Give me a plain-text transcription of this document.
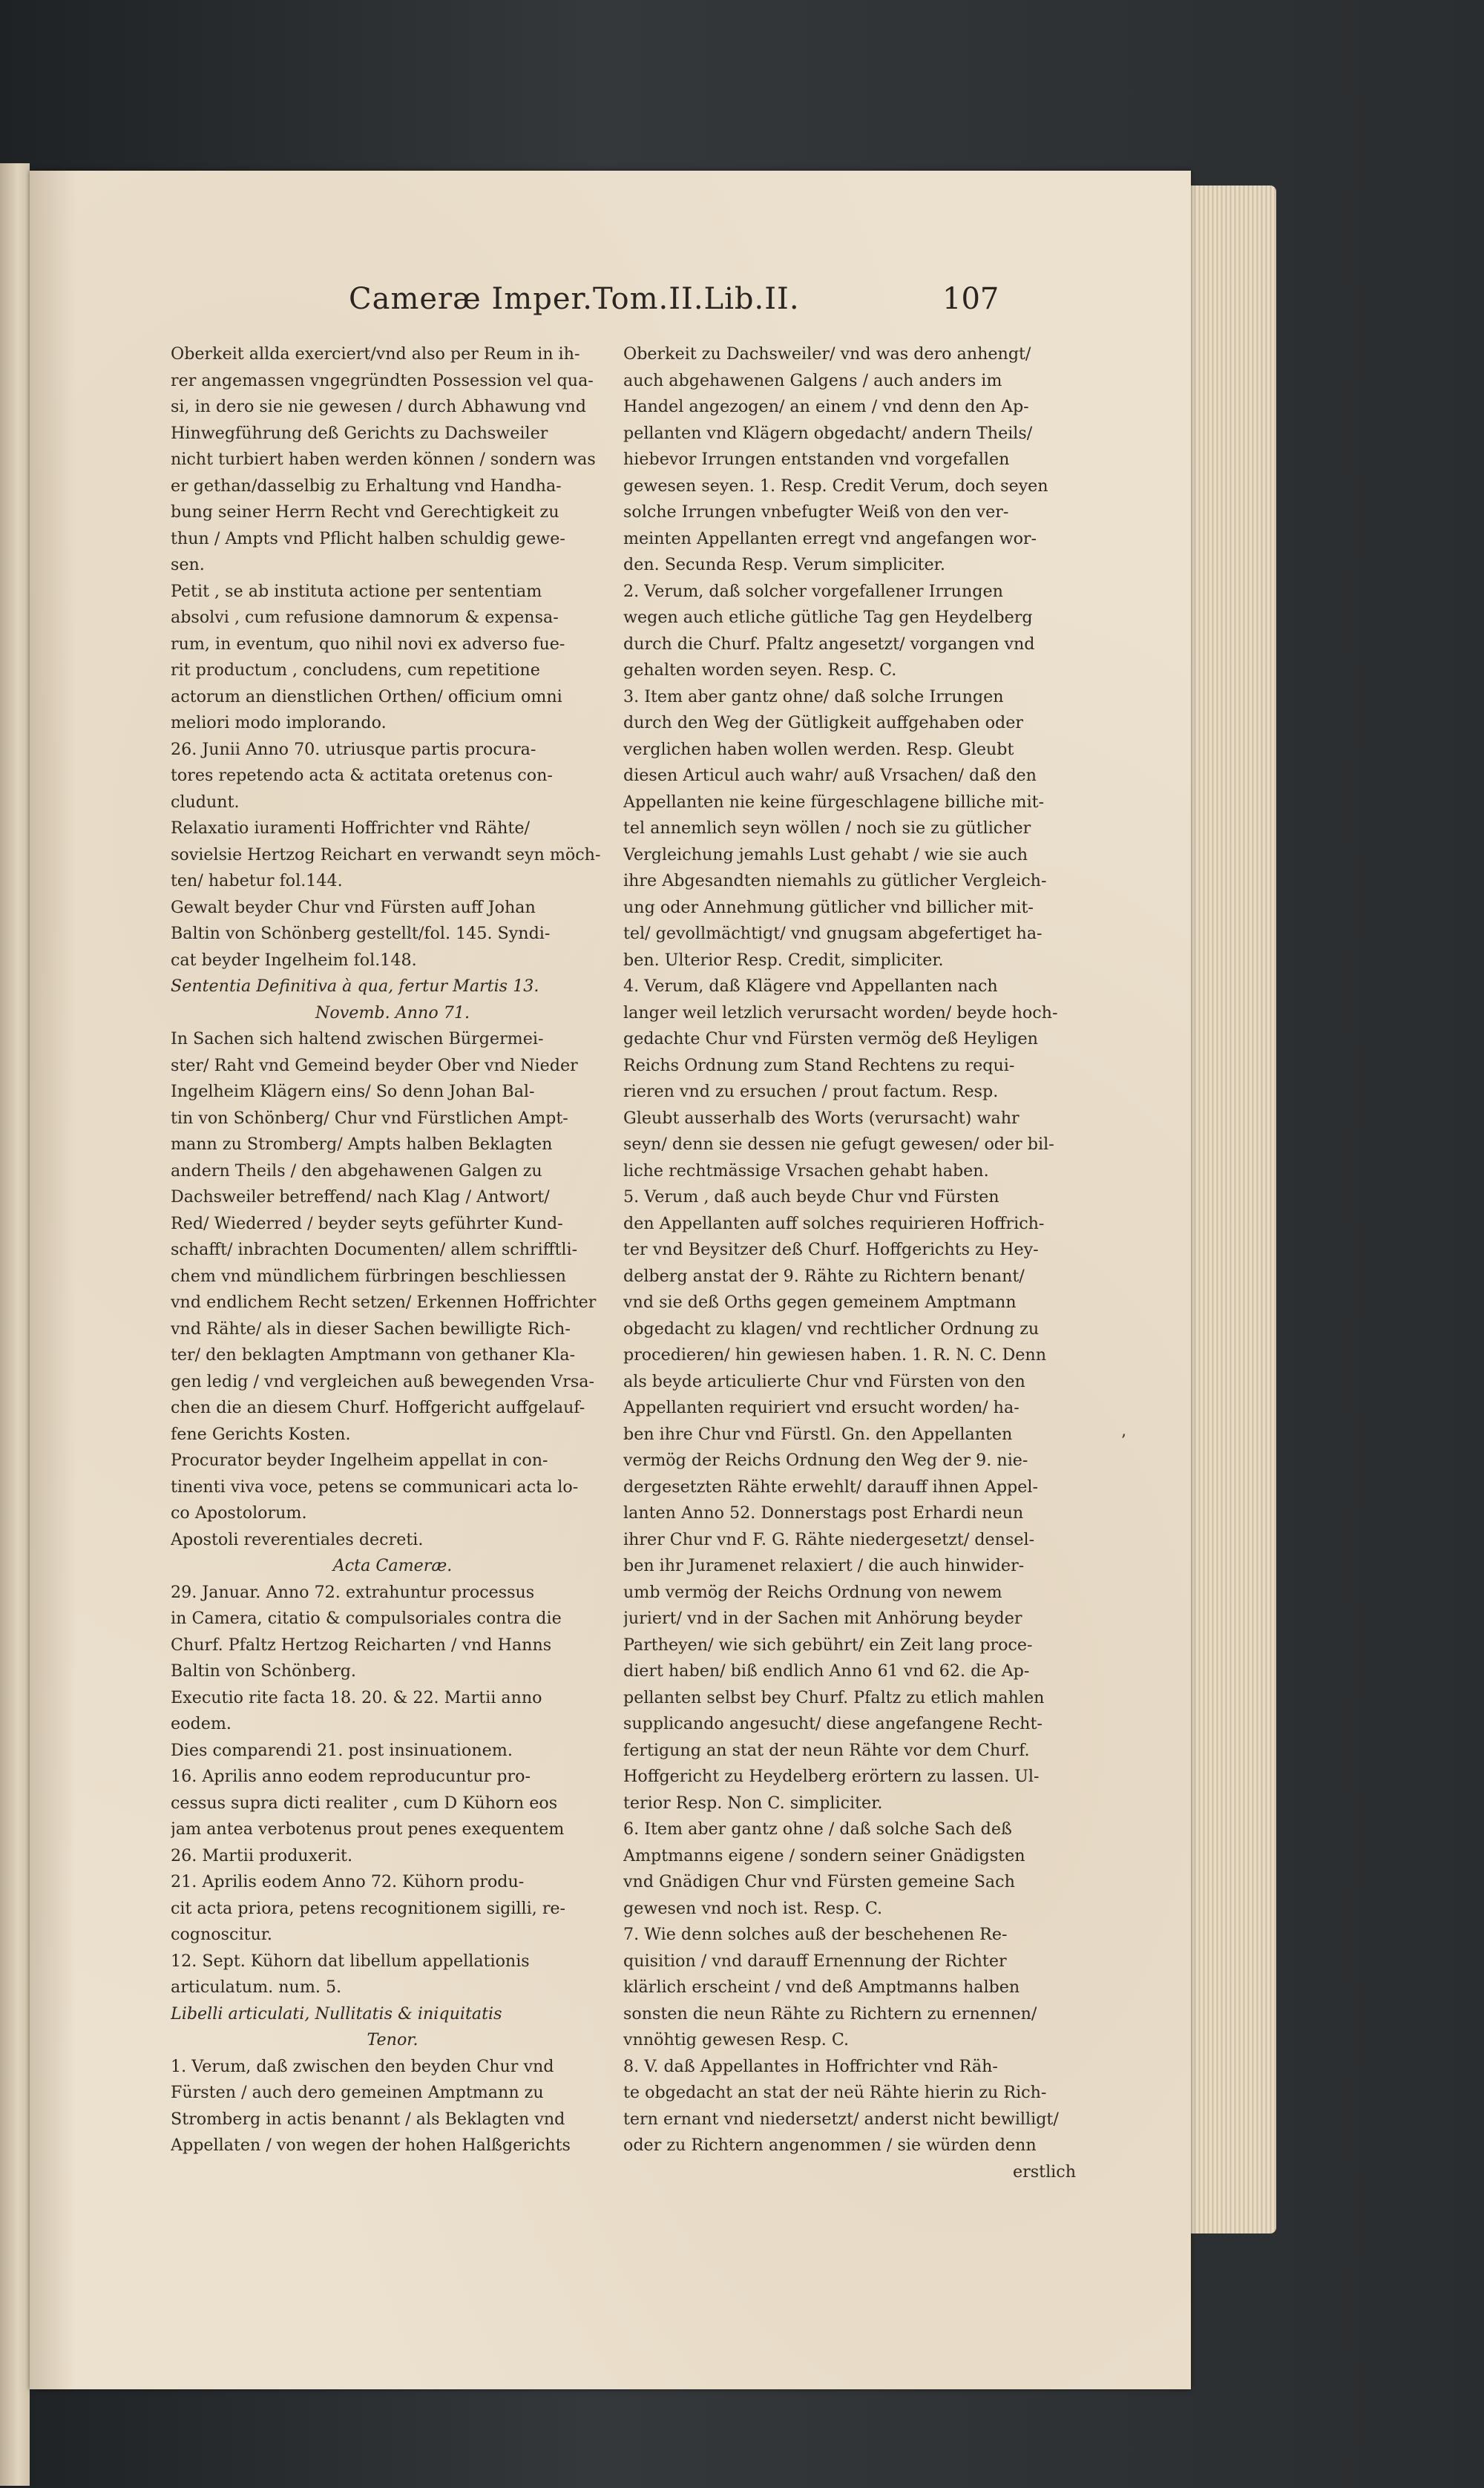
Cameræ Imper.Tom.II.Lib.II.	107
Oberkeit allda exerciert/vnd also per Reum in ih-
rer angemassen vngegründten Possession vel qua-
si, in dero sie nie gewesen / durch Abhawung vnd
Hinwegführung deß Gerichts zu Dachsweiler
nicht turbiert haben werden können / sondern was
er gethan/dasselbig zu Erhaltung vnd Handha-
bung seiner Herrn Recht vnd Gerechtigkeit zu
thun / Ampts vnd Pflicht halben schuldig gewe-
sen.
Petit , se ab instituta actione per sententiam
absolvi , cum refusione damnorum & expensa-
rum, in eventum, quo nihil novi ex adverso fue-
rit productum , concludens, cum repetitione
actorum an dienstlichen Orthen/ officium omni
meliori modo implorando.
26. Junii Anno 70. utriusque partis procura-
tores repetendo acta & actitata oretenus con-
cludunt.
Relaxatio iuramenti Hoffrichter vnd Rähte/
sovielsie Hertzog Reichart en verwandt seyn möch-
ten/ habetur fol.144.
Gewalt beyder Chur vnd Fürsten auff Johan
Baltin von Schönberg gestellt/fol. 145. Syndi-
cat beyder Ingelheim fol.148.
Sententia Definitiva à qua, fertur Martis 13.
Novemb. Anno 71.
In Sachen sich haltend zwischen Bürgermei-
ster/ Raht vnd Gemeind beyder Ober vnd Nieder
Ingelheim Klägern eins/ So denn Johan Bal-
tin von Schönberg/ Chur vnd Fürstlichen Ampt-
mann zu Stromberg/ Ampts halben Beklagten
andern Theils / den abgehawenen Galgen zu
Dachsweiler betreffend/ nach Klag / Antwort/
Red/ Wiederred / beyder seyts geführter Kund-
schafft/ inbrachten Documenten/ allem schrifftli-
chem vnd mündlichem fürbringen beschliessen
vnd endlichem Recht setzen/ Erkennen Hoffrichter
vnd Rähte/ als in dieser Sachen bewilligte Rich-
ter/ den beklagten Amptmann von gethaner Kla-
gen ledig / vnd vergleichen auß bewegenden Vrsa-
chen die an diesem Churf. Hoffgericht auffgelauf-
fene Gerichts Kosten.
Procurator beyder Ingelheim appellat in con-
tinenti viva voce, petens se communicari acta lo-
co Apostolorum.
Apostoli reverentiales decreti.
Acta Cameræ.
29. Januar. Anno 72. extrahuntur processus
in Camera, citatio & compulsoriales contra die
Churf. Pfaltz Hertzog Reicharten / vnd Hanns
Baltin von Schönberg.
Executio rite facta 18. 20. & 22. Martii anno
eodem.
Dies comparendi 21. post insinuationem.
16. Aprilis anno eodem reproducuntur pro-
cessus supra dicti realiter , cum D Kühorn eos
jam antea verbotenus prout penes exequentem
26. Martii produxerit.
21. Aprilis eodem Anno 72. Kühorn produ-
cit acta priora, petens recognitionem sigilli, re-
cognoscitur.
12. Sept. Kühorn dat libellum appellationis
articulatum. num. 5.
Libelli articulati, Nullitatis & iniquitatis
Tenor.
1. Verum, daß zwischen den beyden Chur vnd
Fürsten / auch dero gemeinen Amptmann zu
Stromberg in actis benannt / als Beklagten vnd
Appellaten / von wegen der hohen Halßgerichts
Oberkeit zu Dachsweiler/ vnd was dero anhengt/
auch abgehawenen Galgens / auch anders im
Handel angezogen/ an einem / vnd denn den Ap-
pellanten vnd Klägern obgedacht/ andern Theils/
hiebevor Irrungen entstanden vnd vorgefallen
gewesen seyen. 1. Resp. Credit Verum, doch seyen
solche Irrungen vnbefugter Weiß von den ver-
meinten Appellanten erregt vnd angefangen wor-
den. Secunda Resp. Verum simpliciter.
2. Verum, daß solcher vorgefallener Irrungen
wegen auch etliche gütliche Tag gen Heydelberg
durch die Churf. Pfaltz angesetzt/ vorgangen vnd
gehalten worden seyen. Resp. C.
3. Item aber gantz ohne/ daß solche Irrungen
durch den Weg der Gütligkeit auffgehaben oder
verglichen haben wollen werden. Resp. Gleubt
diesen Articul auch wahr/ auß Vrsachen/ daß den
Appellanten nie keine fürgeschlagene billiche mit-
tel annemlich seyn wöllen / noch sie zu gütlicher
Vergleichung jemahls Lust gehabt / wie sie auch
ihre Abgesandten niemahls zu gütlicher Vergleich-
ung oder Annehmung gütlicher vnd billicher mit-
tel/ gevollmächtigt/ vnd gnugsam abgefertiget ha-
ben. Ulterior Resp. Credit, simpliciter.
4. Verum, daß Klägere vnd Appellanten nach
langer weil letzlich verursacht worden/ beyde hoch-
gedachte Chur vnd Fürsten vermög deß Heyligen
Reichs Ordnung zum Stand Rechtens zu requi-
rieren vnd zu ersuchen / prout factum. Resp.
Gleubt ausserhalb des Worts (verursacht) wahr
seyn/ denn sie dessen nie gefugt gewesen/ oder bil-
liche rechtmässige Vrsachen gehabt haben.
5. Verum , daß auch beyde Chur vnd Fürsten
den Appellanten auff solches requirieren Hoffrich-
ter vnd Beysitzer deß Churf. Hoffgerichts zu Hey-
delberg anstat der 9. Rähte zu Richtern benant/
vnd sie deß Orths gegen gemeinem Amptmann
obgedacht zu klagen/ vnd rechtlicher Ordnung zu
procedieren/ hin gewiesen haben. 1. R. N. C. Denn
als beyde articulierte Chur vnd Fürsten von den
Appellanten requiriert vnd ersucht worden/ ha-
ben ihre Chur vnd Fürstl. Gn. den Appellanten
vermög der Reichs Ordnung den Weg der 9. nie-
dergesetzten Rähte erwehlt/ darauff ihnen Appel-
lanten Anno 52. Donnerstags post Erhardi neun
ihrer Chur vnd F. G. Rähte niedergesetzt/ densel-
ben ihr Juramenet relaxiert / die auch hinwider-
umb vermög der Reichs Ordnung von newem
juriert/ vnd in der Sachen mit Anhörung beyder
Partheyen/ wie sich gebührt/ ein Zeit lang proce-
diert haben/ biß endlich Anno 61 vnd 62. die Ap-
pellanten selbst bey Churf. Pfaltz zu etlich mahlen
supplicando angesucht/ diese angefangene Recht-
fertigung an stat der neun Rähte vor dem Churf.
Hoffgericht zu Heydelberg erörtern zu lassen. Ul-
terior Resp. Non C. simpliciter.
6. Item aber gantz ohne / daß solche Sach deß
Amptmanns eigene / sondern seiner Gnädigsten
vnd Gnädigen Chur vnd Fürsten gemeine Sach
gewesen vnd noch ist. Resp. C.
7. Wie denn solches auß der beschehenen Re-
quisition / vnd darauff Ernennung der Richter
klärlich erscheint / vnd deß Amptmanns halben
sonsten die neun Rähte zu Richtern zu ernennen/
vnnöhtig gewesen Resp. C.
8. V. daß Appellantes in Hoffrichter vnd Räh-
te obgedacht an stat der neü Rähte hierin zu Rich-
tern ernant vnd niedersetzt/ anderst nicht bewilligt/
oder zu Richtern angenommen / sie würden denn
erstlich
ʼ
